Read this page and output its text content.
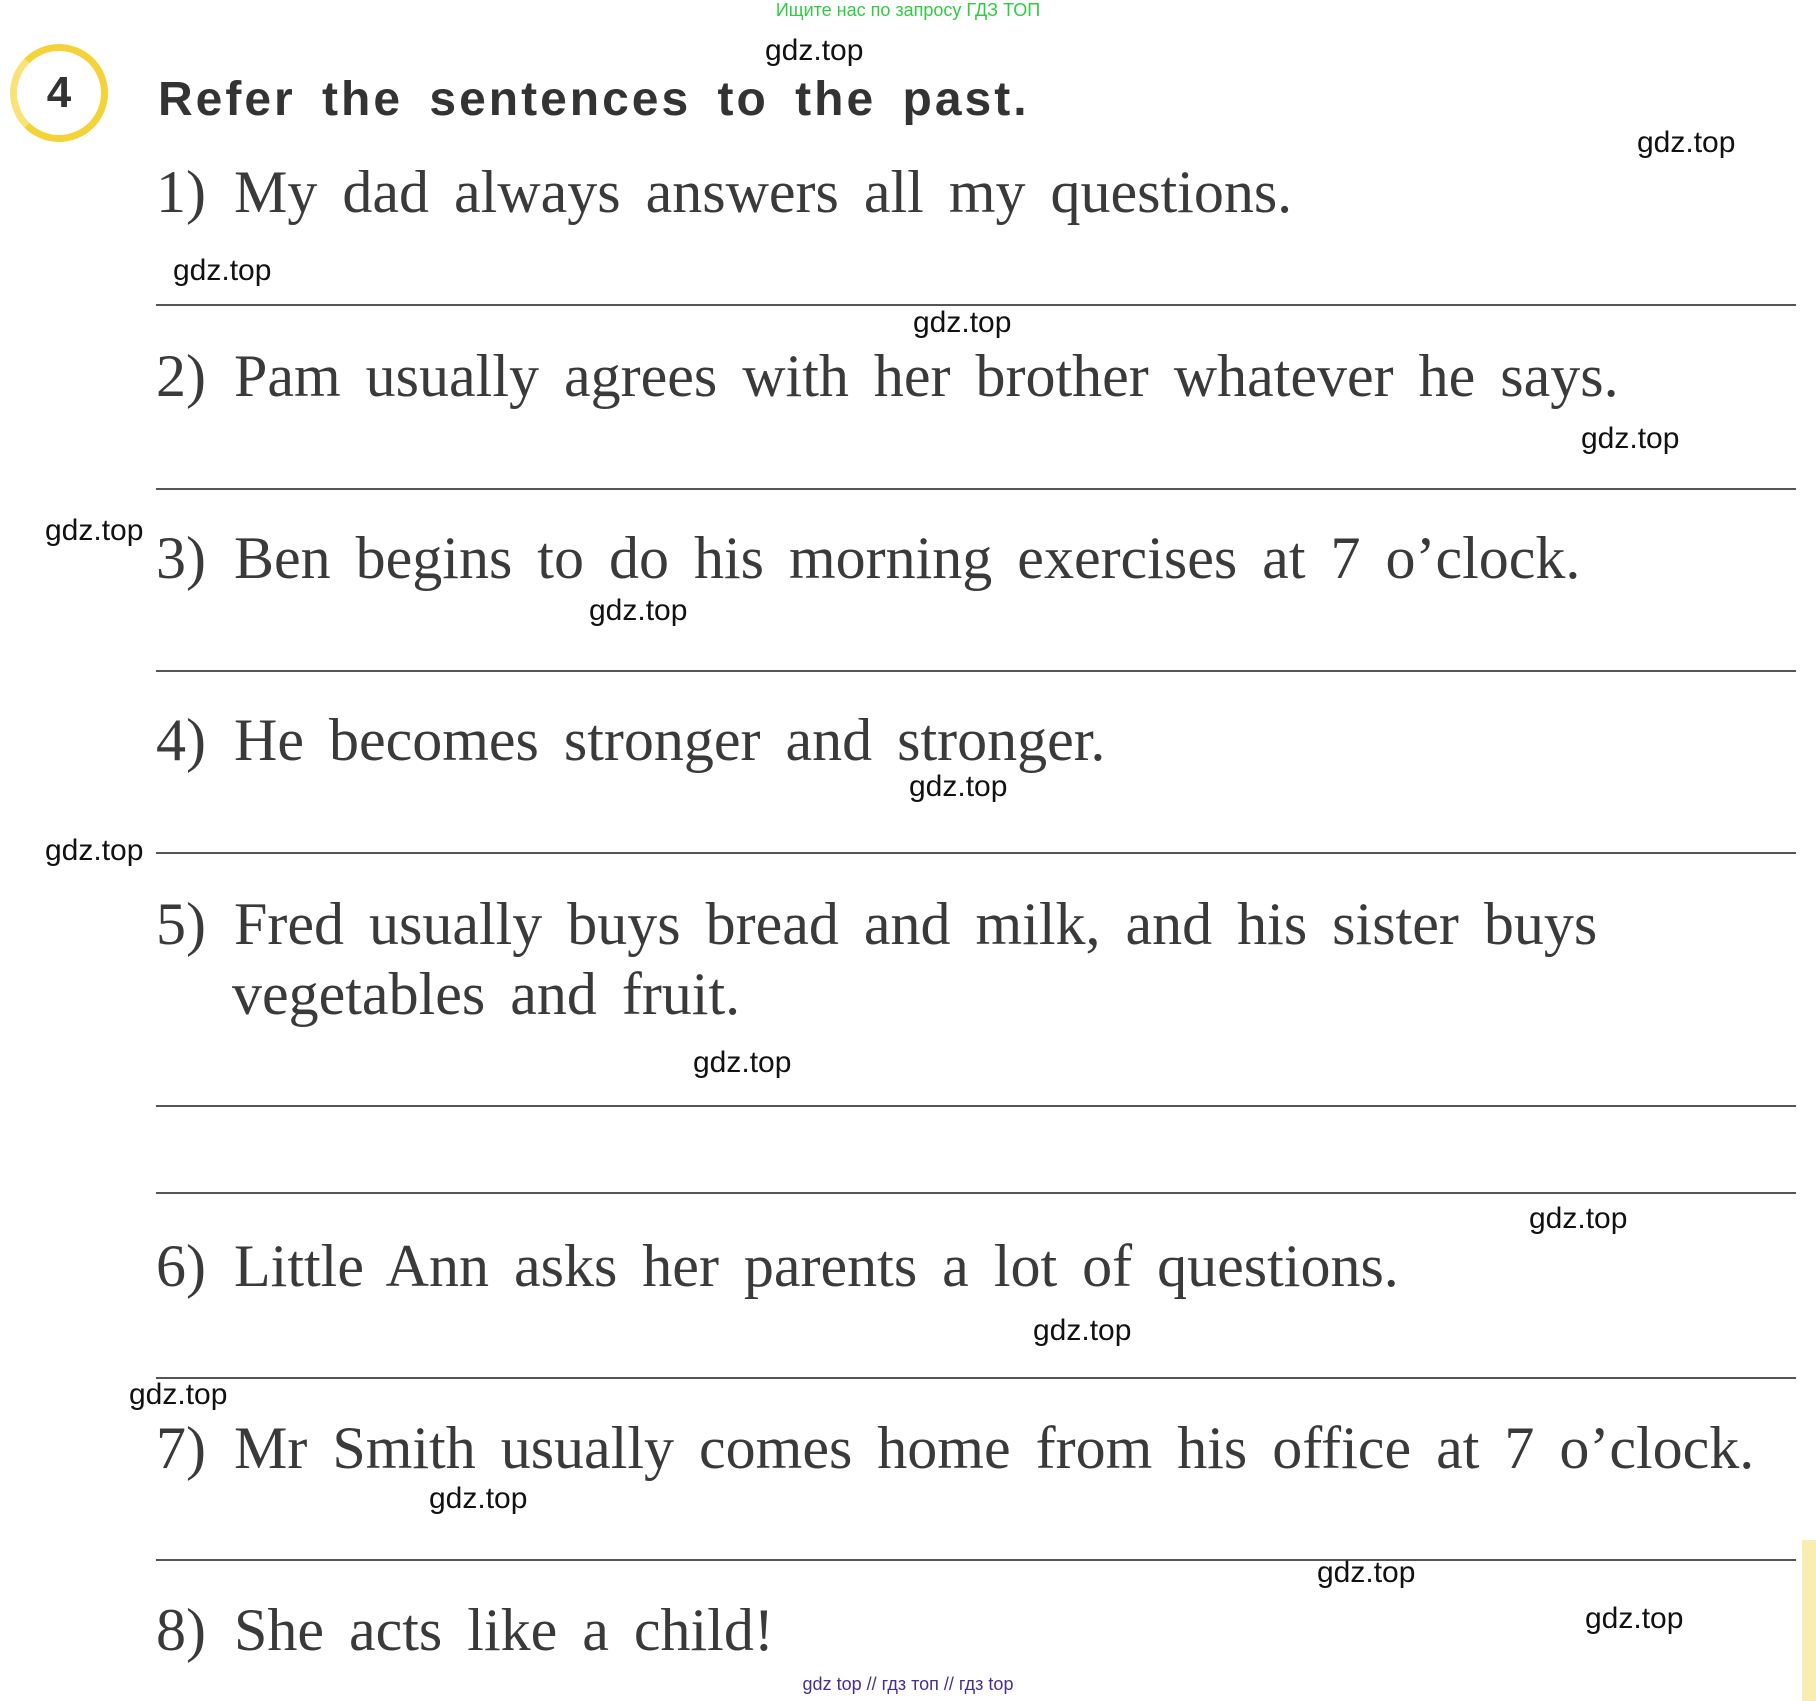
Ищите нас по запросу ГДЗ ТОП
4	Refer the sentences to the past.
1) My dad always answers all my questions.
2) Pam usually agrees with her brother whatever he says.
3) Ben begins to do his morning exercises at 7 o’clock.
4) He becomes stronger and stronger.
5) Fred usually buys bread and milk, and his sister buys
vegetables and fruit.
6) Little Ann asks her parents a lot of questions.
7) Mr Smith usually comes home from his office at 7 o’clock.
8) She acts like a child!
gdz.top
gdz.top
gdz.top
gdz.top
gdz.top
gdz.top
gdz.top
gdz.top
gdz.top
gdz.top
gdz.top
gdz.top
gdz.top
gdz.top
gdz.top
gdz.top
gdz top // гдз топ // гдз top
